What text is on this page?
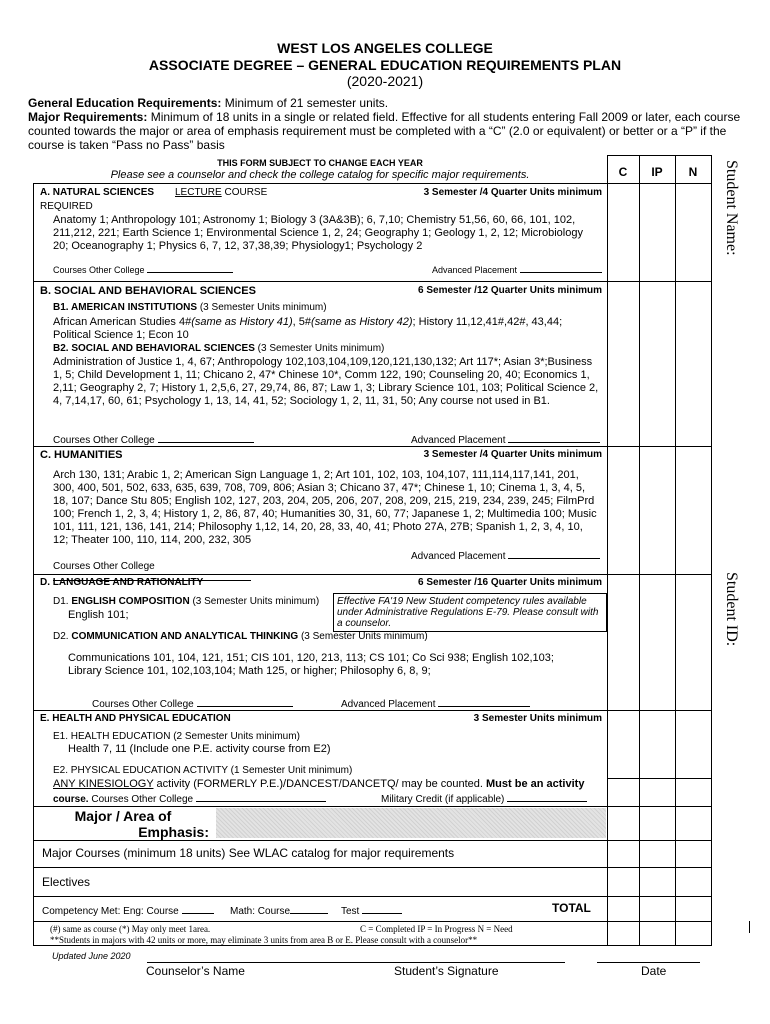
WEST LOS ANGELES COLLEGE
ASSOCIATE DEGREE – GENERAL EDUCATION REQUIREMENTS PLAN
(2020-2021)
General Education Requirements: Minimum of 21 semester units.
Major Requirements: Minimum of 18 units in a single or related field. Effective for all students entering Fall 2009 or later, each course counted towards the major or area of emphasis requirement must be completed with a “C” (2.0 or equivalent) or better or a “P” if the course is taken “Pass no Pass” basis
THIS FORM SUBJECT TO CHANGE EACH YEAR
Please see a counselor and check the college catalog for specific major requirements.	C	IP	N	Student Name:
Student ID:
A. NATURAL SCIENCES LECTURE COURSE	3 Semester /4 Quarter Units minimum
REQUIRED
Anatomy 1; Anthropology 101; Astronomy 1; Biology 3 (3A&3B); 6, 7,10; Chemistry 51,56, 60, 66, 101, 102, 211,212, 221; Earth Science 1; Environmental Science 1, 2, 24; Geography 1; Geology 1, 2, 12; Microbiology 20; Oceanography 1; Physics 6, 7, 12, 37,38,39; Physiology1; Psychology 2
Courses Other College	Advanced Placement
B. SOCIAL AND BEHAVIORAL SCIENCES	6 Semester /12 Quarter Units minimum
B1. AMERICAN INSTITUTIONS (3 Semester Units minimum)
African American Studies 4#(same as History 41), 5#(same as History 42); History 11,12,41#,42#, 43,44; Political Science 1; Econ 10
B2. SOCIAL AND BEHAVIORAL SCIENCES (3 Semester Units minimum)
Administration of Justice 1, 4, 67; Anthropology 102,103,104,109,120,121,130,132; Art 117*; Asian 3*;Business 1, 5; Child Development 1, 11; Chicano 2, 47* Chinese 10*, Comm 122, 190; Counseling 20, 40; Economics 1, 2,11; Geography 2, 7; History 1, 2,5,6, 27, 29,74, 86, 87; Law 1, 3; Library Science 101, 103; Political Science 2, 4, 7,14,17, 60, 61; Psychology 1, 13, 14, 41, 52; Sociology 1, 2, 11, 31, 50; Any course not used in B1.
Courses Other College	Advanced Placement
C. HUMANITIES	3 Semester /4 Quarter Units minimum
Arch 130, 131; Arabic 1, 2; American Sign Language 1, 2; Art 101, 102, 103, 104,107, 111,114,117,141, 201, 300, 400, 501, 502, 633, 635, 639, 708, 709, 806; Asian 3; Chicano 37, 47*; Chinese 1, 10; Cinema 1, 3, 4, 5, 18, 107; Dance Stu 805; English 102, 127, 203, 204, 205, 206, 207, 208, 209, 215, 219, 234, 239, 245; FilmPrd 100; French 1, 2, 3, 4; History 1, 2, 86, 87, 40; Humanities 30, 31, 60, 77; Japanese 1, 2; Multimedia 100; Music 101, 111, 121, 136, 141, 214; Philosophy 1,12, 14, 20, 28, 33, 40, 41; Photo 27A, 27B; Spanish 1, 2, 3, 4, 10, 12; Theater 100, 110, 114, 200, 232, 305
Advanced Placement
Courses Other College

D. LANGUAGE AND RATIONALITY	6 Semester /16 Quarter Units minimum
D1. ENGLISH COMPOSITION (3 Semester Units minimum)
English 101;
Effective FA'19 New Student competency rules available under Administrative Regulations E-79. Please consult with a counselor.
D2. COMMUNICATION AND ANALYTICAL THINKING (3 Semester Units minimum)
Communications 101, 104, 121, 151; CIS 101, 120, 213, 113; CS 101; Co Sci 938; English 102,103; Library Science 101, 102,103,104; Math 125, or higher; Philosophy 6, 8, 9;
Courses Other College	Advanced Placement
E. HEALTH AND PHYSICAL EDUCATION	3 Semester Units minimum
E1. HEALTH EDUCATION (2 Semester Units minimum)
Health 7, 11 (Include one P.E. activity course from E2)
E2. PHYSICAL EDUCATION ACTIVITY (1 Semester Unit minimum)
ANY KINESIOLOGY activity (FORMERLY P.E.)/DANCEST/DANCETQ/ may be counted. Must be an activity
course. Courses Other College	Military Credit (if applicable)
Major / Area of
Emphasis:
Major Courses (minimum 18 units) See WLAC catalog for major requirements
Electives
Competency Met: Eng: Course	Math: Course	Test	TOTAL
(#) same as course (*) May only meet 1area.	C = Completed IP = In Progress N = Need
**Students in majors with 42 units or more, may eliminate 3 units from area B or E. Please consult with a counselor**
Updated June 2020
Counselor’s Name	Student’s Signature	Date
